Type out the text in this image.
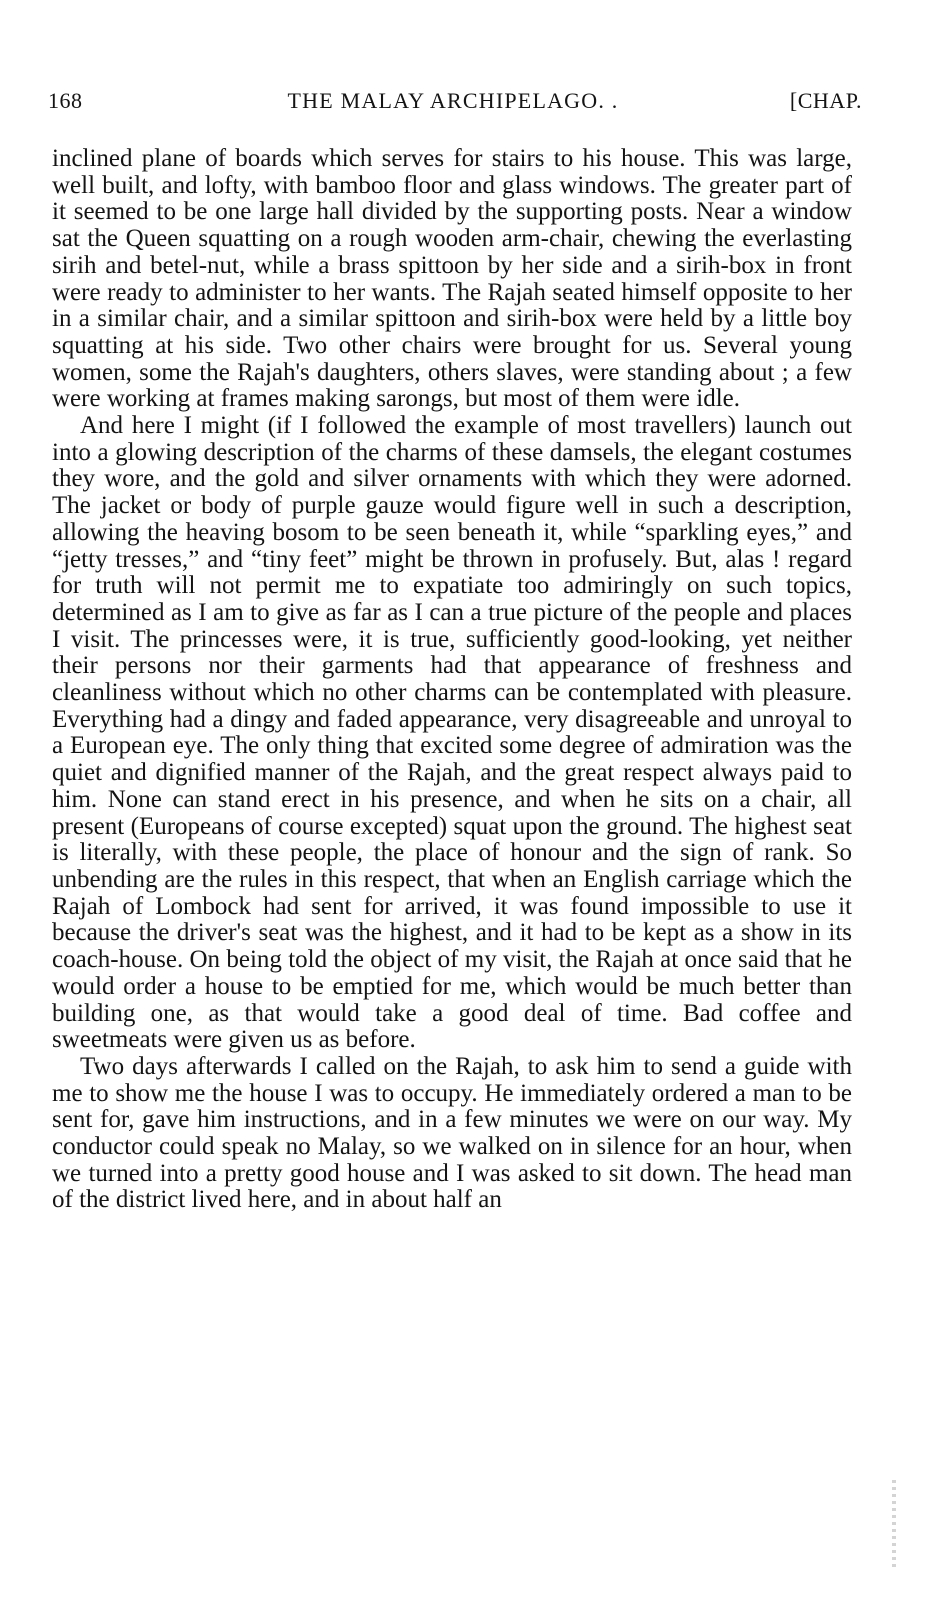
168	THE MALAY ARCHIPELAGO. .	[CHAP.

inclined plane of boards which serves for stairs to his house. This was large, well built, and lofty, with bamboo floor and glass windows. The greater part of it seemed to be one large hall divided by the supporting posts. Near a window sat the Queen squatting on a rough wooden arm-chair, chewing the everlasting sirih and betel-nut, while a brass spittoon by her side and a sirih-box in front were ready to administer to her wants. The Rajah seated himself opposite to her in a similar chair, and a similar spittoon and sirih-box were held by a little boy squatting at his side. Two other chairs were brought for us. Several young women, some the Rajah's daughters, others slaves, were standing about ; a few were working at frames making sarongs, but most of them were idle.

And here I might (if I followed the example of most travellers) launch out into a glowing description of the charms of these damsels, the elegant costumes they wore, and the gold and silver ornaments with which they were adorned. The jacket or body of purple gauze would figure well in such a description, allowing the heaving bosom to be seen beneath it, while “sparkling eyes,” and “jetty tresses,” and “tiny feet” might be thrown in profusely. But, alas ! regard for truth will not permit me to expatiate too admiringly on such topics, determined as I am to give as far as I can a true picture of the people and places I visit. The princesses were, it is true, sufficiently good-looking, yet neither their persons nor their garments had that appearance of freshness and cleanliness without which no other charms can be contemplated with pleasure. Everything had a dingy and faded appearance, very disagreeable and unroyal to a European eye. The only thing that excited some degree of admiration was the quiet and dignified manner of the Rajah, and the great respect always paid to him. None can stand erect in his presence, and when he sits on a chair, all present (Europeans of course excepted) squat upon the ground. The highest seat is literally, with these people, the place of honour and the sign of rank. So unbending are the rules in this respect, that when an English carriage which the Rajah of Lombock had sent for arrived, it was found impossible to use it because the driver's seat was the highest, and it had to be kept as a show in its coach-house. On being told the object of my visit, the Rajah at once said that he would order a house to be emptied for me, which would be much better than building one, as that would take a good deal of time. Bad coffee and sweetmeats were given us as before.

Two days afterwards I called on the Rajah, to ask him to send a guide with me to show me the house I was to occupy. He immediately ordered a man to be sent for, gave him instructions, and in a few minutes we were on our way. My conductor could speak no Malay, so we walked on in silence for an hour, when we turned into a pretty good house and I was asked to sit down. The head man of the district lived here, and in about half an
